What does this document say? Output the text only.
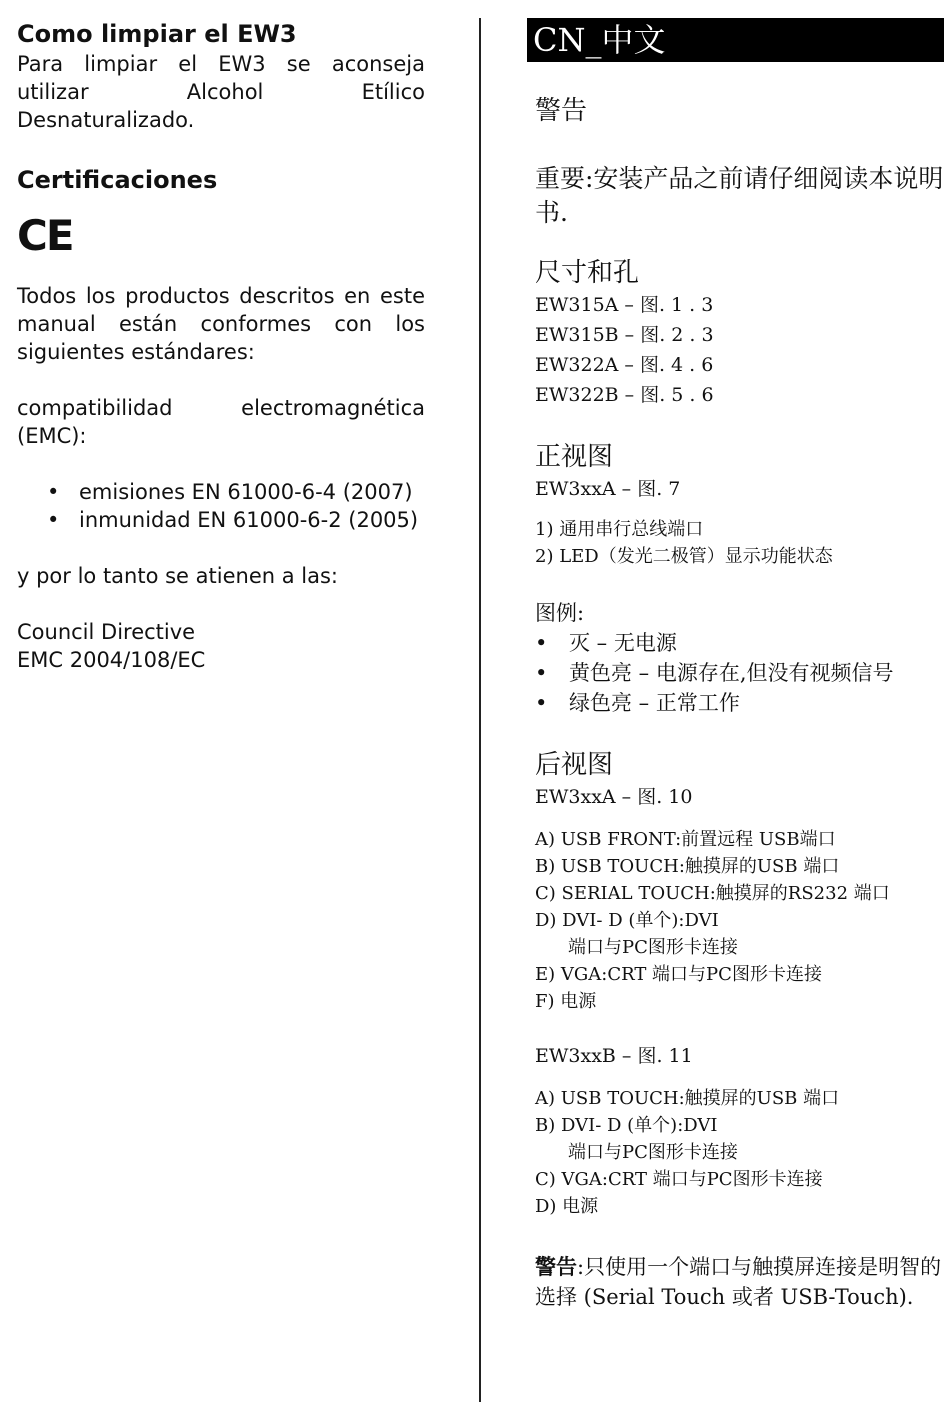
Como limpiar el EW3

Para limpiar el EW3 se aconseja utilizar Alcohol Etílico Desnaturalizado.

Certificaciones
CE

Todos los productos descritos en este manual están conformes con los siguientes estándares:

compatibilidad electromagnética (EMC):

• emisiones EN 61000-6-4 (2007)
• inmunidad EN 61000-6-2 (2005)

y por lo tanto se atienen a las:

Council Directive

EMC 2004/108/EC

CN_中文
警告

重要:安装产品之前请仔细阅读本说明书.

尺寸和孔
EW315A – 图. 1 . 3
EW315B – 图. 2 . 3
EW322A – 图. 4 . 6
EW322B – 图. 5 . 6
正视图
EW3xxA – 图. 7
1) 通用串行总线端口
2) LED（发光二极管）显示功能状态
图例:
• 灭 – 无电源
• 黄色亮 – 电源存在,但没有视频信号
• 绿色亮 – 正常工作
后视图
EW3xxA – 图. 10
A) USB FRONT:前置远程 USB端口
B) USB TOUCH:触摸屏的USB 端口
C) SERIAL TOUCH:触摸屏的RS232 端口
D) DVI- D (单个):DVI
端口与PC图形卡连接
E) VGA:CRT 端口与PC图形卡连接
F) 电源
EW3xxB – 图. 11
A) USB TOUCH:触摸屏的USB 端口
B) DVI- D (单个):DVI
端口与PC图形卡连接
C) VGA:CRT 端口与PC图形卡连接
D) 电源

警告:只使用一个端口与触摸屏连接是明智的选择 (Serial Touch 或者 USB-Touch).
